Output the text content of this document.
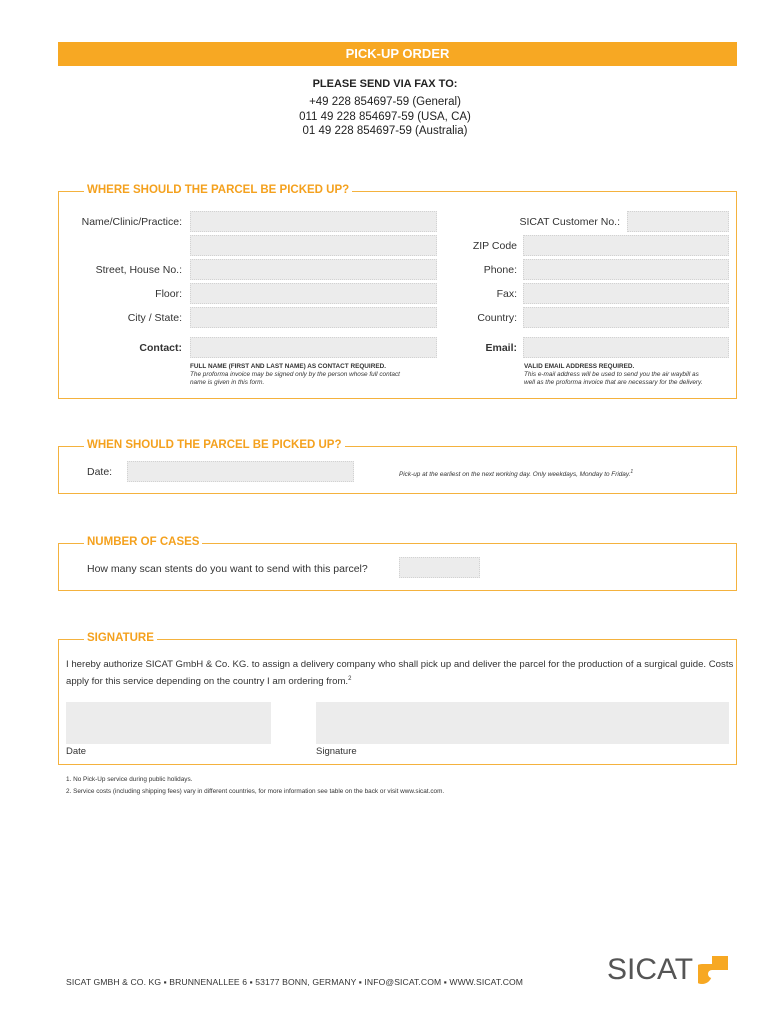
PICK-UP ORDER
PLEASE SEND VIA FAX TO:
+49 228 854697-59 (General)
011 49 228 854697-59 (USA, CA)
01 49 228 854697-59 (Australia)
WHERE SHOULD THE PARCEL BE PICKED UP?
Name/Clinic/Practice:	SICAT Customer No.:
ZIP Code
Street, House No.:	Phone:
Floor:	Fax:
City / State:	Country:
Contact:	Email:
FULL NAME (FIRST AND LAST NAME) AS CONTACT REQUIRED.
The proforma invoice may be signed only by the person whose full contact
name is given in this form.
VALID EMAIL ADDRESS REQUIRED.
This e-mail address will be used to send you the air waybill as
well as the proforma invoice that are necessary for the delivery.
WHEN SHOULD THE PARCEL BE PICKED UP?
Date:	Pick-up at the earliest on the next working day. Only weekdays, Monday to Friday.$^1$
NUMBER OF CASES
How many scan stents do you want to send with this parcel?
SIGNATURE
I hereby authorize SICAT GmbH & Co. KG. to assign a delivery company who shall pick up and deliver the parcel for the production of a surgical guide. Costs apply for this service depending on the country I am ordering from.$^2$
Date	Signature
1. No Pick-Up service during public holidays.
2. Service costs (including shipping fees) vary in different countries, for more information see table on the back or visit www.sicat.com.
SICAT GMBH & CO. KG ▪ BRUNNENALLEE 6 ▪ 53177 BONN, GERMANY ▪ INFO@SICAT.COM ▪ WWW.SICAT.COM	SICAT
